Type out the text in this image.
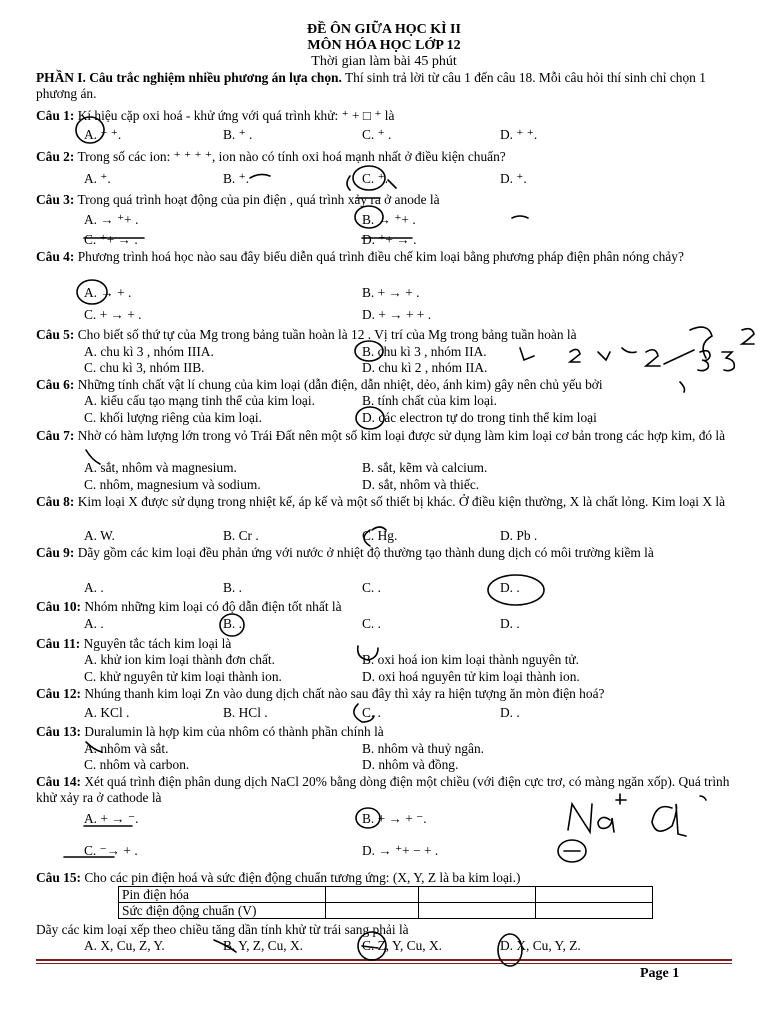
ĐỀ ÔN GIỮA HỌC KÌ II
MÔN HÓA HỌC LỚP 12
Thời gian làm bài 45 phút
PHẦN I. Câu trắc nghiệm nhiều phương án lựa chọn. Thí sinh trả lời từ câu 1 đến câu 18. Mỗi câu hỏi thí sinh chỉ chọn 1 phương án.
Câu 1: Kí hiệu cặp oxi hoá - khử ứng với quá trình khử: ⁺ + □ ⁺ là
A. ⁺ ⁺.	B. ⁺ .	C. ⁺ .	D. ⁺ ⁺.
Câu 2: Trong số các ion: ⁺ ⁺ ⁺ ⁺, ion nào có tính oxi hoá mạnh nhất ở điều kiện chuẩn?
A. ⁺.	B. ⁺.	C. ⁺.	D. ⁺.
Câu 3: Trong quá trình hoạt động của pin điện , quá trình xảy ra ở anode là
A. → ⁺+ .	B. → ⁺+ .
C. ⁺+ → .	D. ⁺+ → .
Câu 4: Phương trình hoá học nào sau đây biểu diễn quá trình điều chế kim loại bằng phương pháp điện phân nóng chảy?
A. → + .	B. + → + .
C. + → + .	D. + → + + .
Câu 5: Cho biết số thứ tự của Mg trong bảng tuần hoàn là 12 . Vị trí của Mg trong bảng tuần hoàn là
A. chu kì 3 , nhóm IIIA.	B. chu kì 3 , nhóm IIA.
C. chu kì 3, nhóm IIB.	D. chu kì 2 , nhóm IIA.
Câu 6: Những tính chất vật lí chung của kim loại (dẫn điện, dẫn nhiệt, dẻo, ánh kim) gây nên chủ yếu bởi
A. kiểu cấu tạo mạng tinh thể của kim loại.	B. tính chất của kim loại.
C. khối lượng riêng của kim loại.	D. các electron tự do trong tinh thể kim loại
Câu 7: Nhờ có hàm lượng lớn trong vỏ Trái Đất nên một số kim loại được sử dụng làm kim loại cơ bản trong các hợp kim, đó là
A. sắt, nhôm và magnesium.	B. sắt, kẽm và calcium.
C. nhôm, magnesium và sodium.	D. sắt, nhôm và thiếc.
Câu 8: Kim loại X được sử dụng trong nhiệt kế, áp kế và một số thiết bị khác. Ở điều kiện thường, X là chất lỏng. Kim loại X là
A. W.	B. Cr .	C. Hg.	D. Pb .
Câu 9: Dãy gồm các kim loại đều phản ứng với nước ở nhiệt độ thường tạo thành dung dịch có môi trường kiềm là
A. .	B. .	C. .	D. .
Câu 10: Nhóm những kim loại có độ dẫn điện tốt nhất là
A. .	B. .	C. .	D. .
Câu 11: Nguyên tắc tách kim loại là
A. khử ion kim loại thành đơn chất.	B. oxi hoá ion kim loại thành nguyên tử.
C. khử nguyên tử kim loại thành ion.	D. oxi hoá nguyên tử kim loại thành ion.
Câu 12: Nhúng thanh kim loại Zn vào dung dịch chất nào sau đây thì xảy ra hiện tượng ăn mòn điện hoá?
A. KCl .	B. HCl .	C. .	D. .
Câu 13: Duralumin là hợp kim của nhôm có thành phần chính là
A. nhôm và sắt.	B. nhôm và thuỷ ngân.
C. nhôm và carbon.	D. nhôm và đồng.
Câu 14: Xét quá trình điện phân dung dịch NaCl 20% bằng dòng điện một chiều (với điện cực trơ, có màng ngăn xốp). Quá trình khử xảy ra ở cathode là
A. + → ⁻.	B. + → + ⁻.
C. ⁻→ + .	D. → ⁺+ − + .
Câu 15: Cho các pin điện hoá và sức điện động chuẩn tương ứng: (X, Y, Z là ba kim loại.)
Pin điện hóa			
Sức điện động chuẩn (V)			
Dãy các kim loại xếp theo chiều tăng dần tính khử từ trái sang phải là
A. X, Cu, Z, Y.	B. Y, Z, Cu, X.	C. Z, Y, Cu, X.	D. X, Cu, Y, Z.
Page 1
